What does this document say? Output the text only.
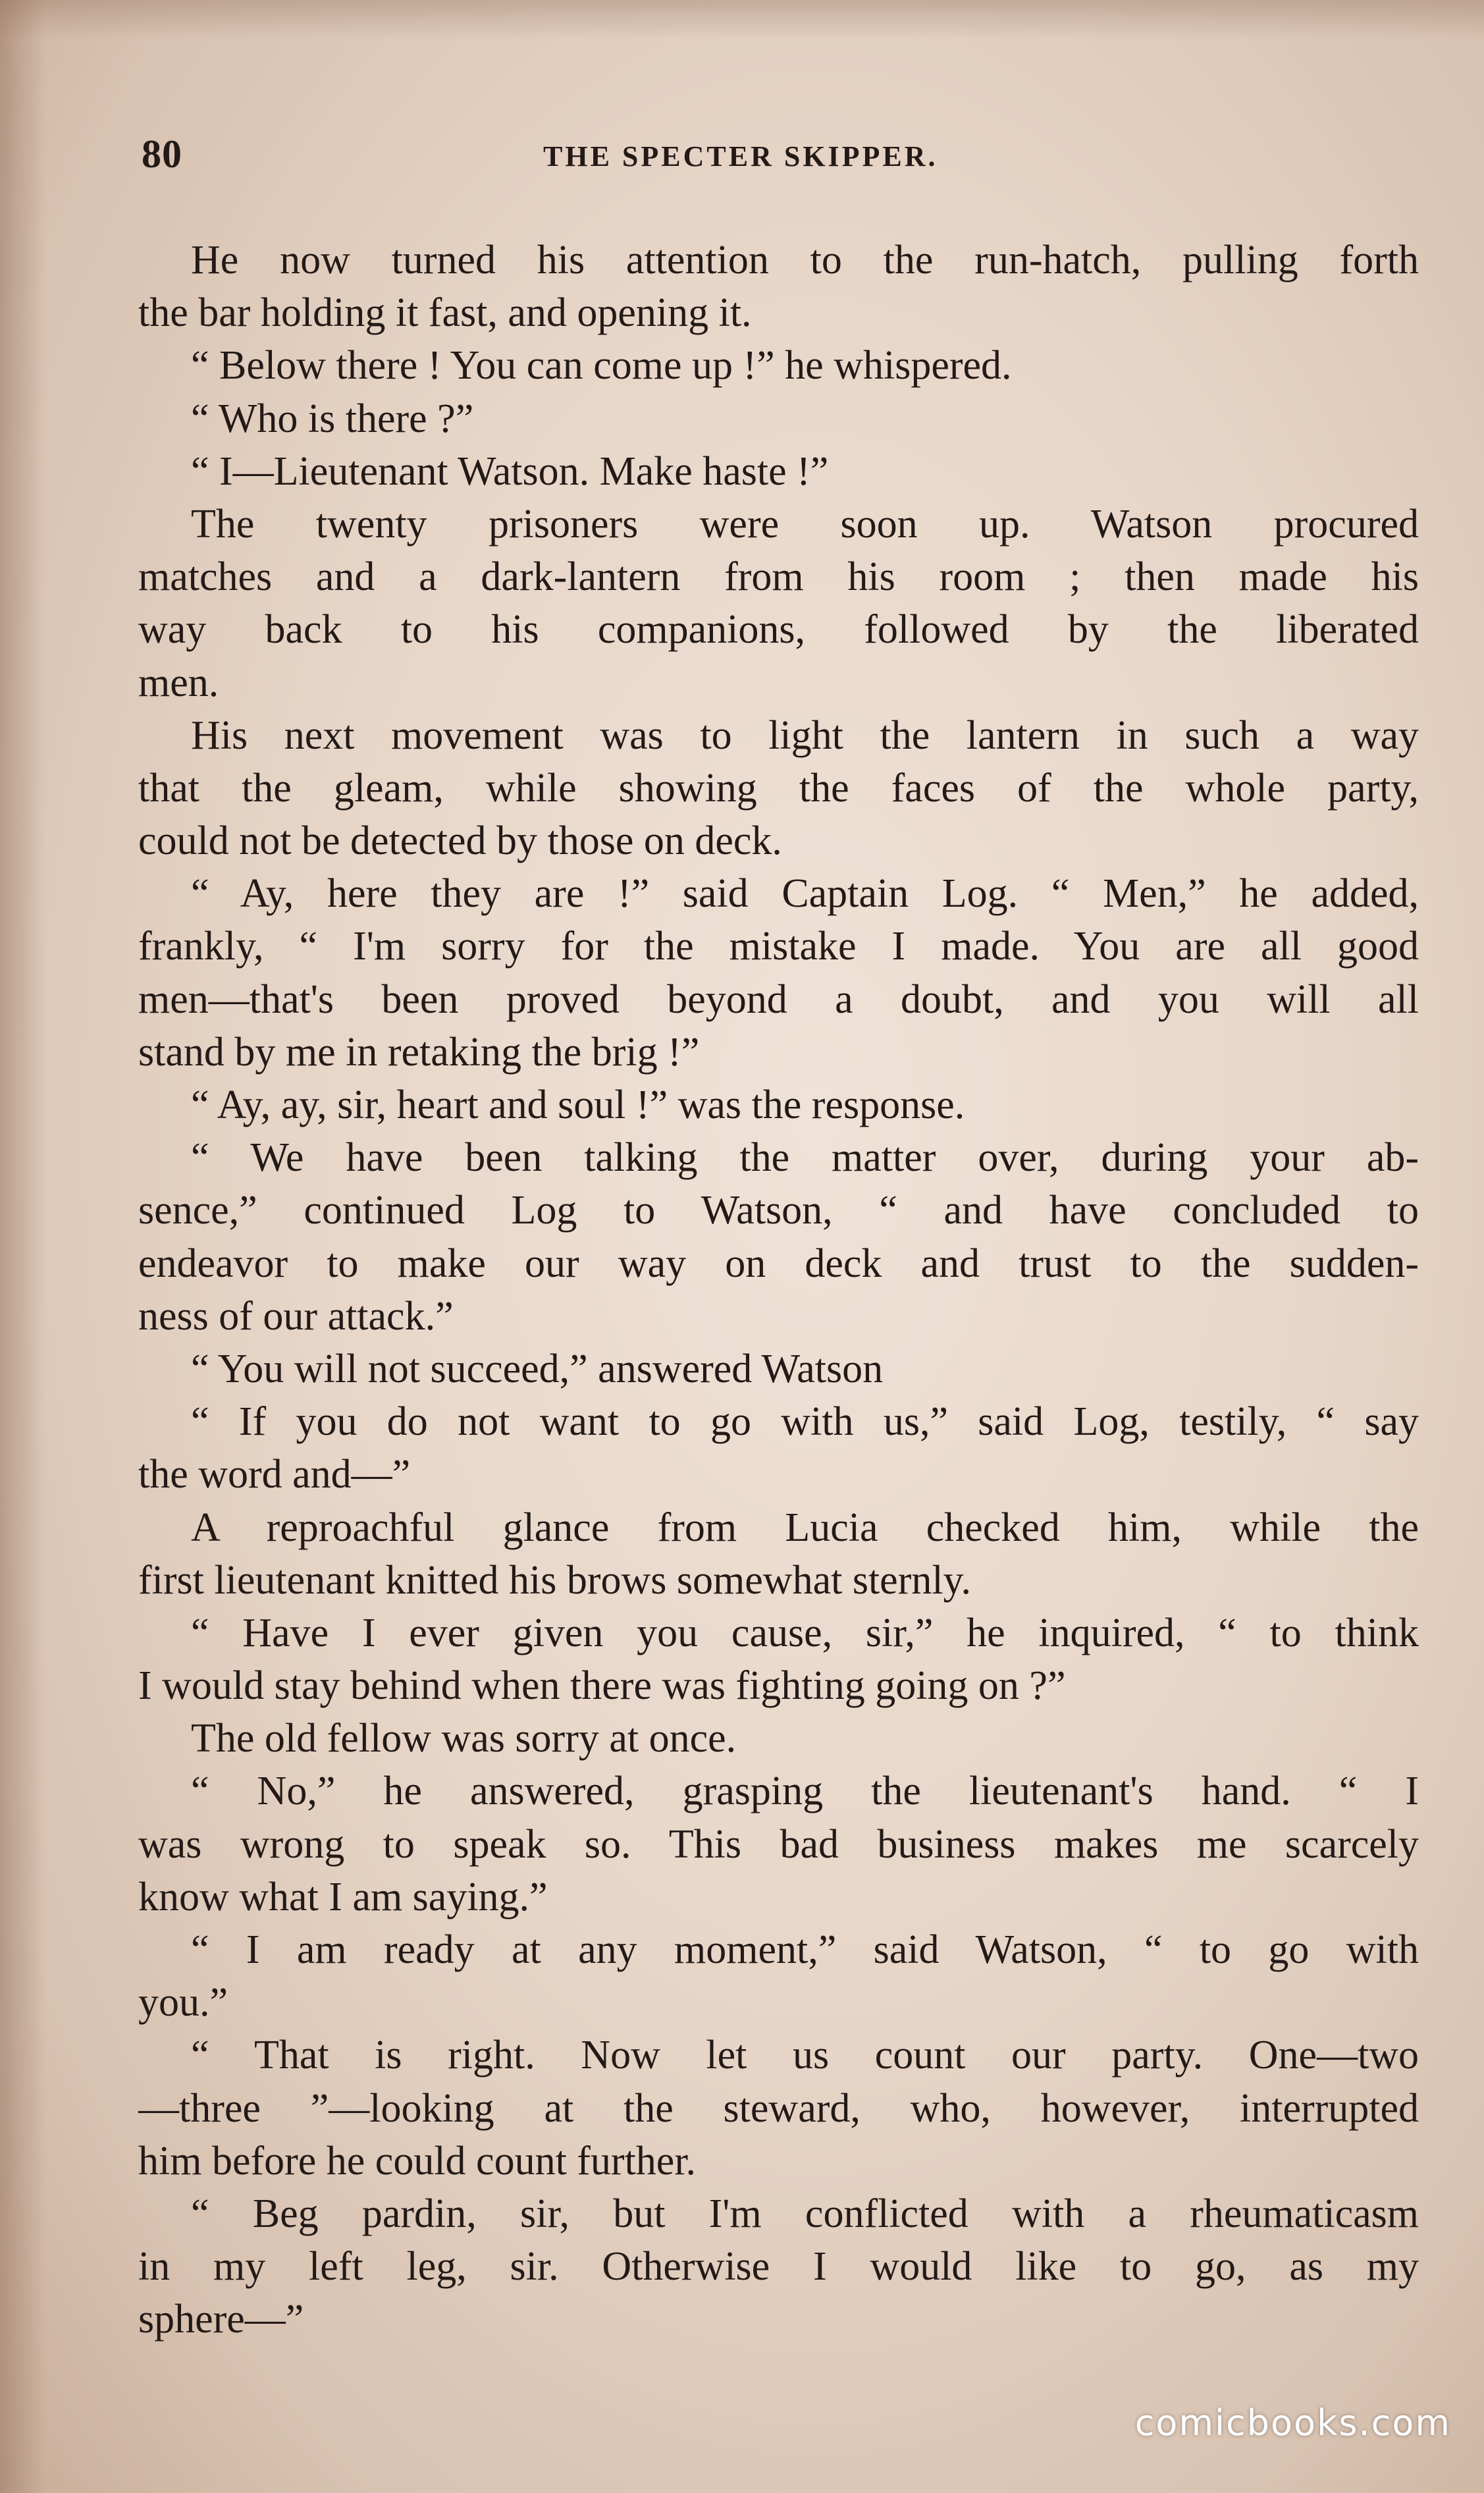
80	THE SPECTER SKIPPER.
He now turned his attention to the run-hatch, pulling forth
the bar holding it fast, and opening it.
“ Below there ! You can come up !” he whispered.
“ Who is there ?”
“ I—Lieutenant Watson. Make haste !”
The twenty prisoners were soon up. Watson procured
matches and a dark-lantern from his room ; then made his
way back to his companions, followed by the liberated
men.
His next movement was to light the lantern in such a way
that the gleam, while showing the faces of the whole party,
could not be detected by those on deck.
“ Ay, here they are !” said Captain Log. “ Men,” he added,
frankly, “ I'm sorry for the mistake I made. You are all good
men—that's been proved beyond a doubt, and you will all
stand by me in retaking the brig !”
“ Ay, ay, sir, heart and soul !” was the response.
“ We have been talking the matter over, during your ab-
sence,” continued Log to Watson, “ and have concluded to
endeavor to make our way on deck and trust to the sudden-
ness of our attack.”
“ You will not succeed,” answered Watson
“ If you do not want to go with us,” said Log, testily, “ say
the word and—”
A reproachful glance from Lucia checked him, while the
first lieutenant knitted his brows somewhat sternly.
“ Have I ever given you cause, sir,” he inquired, “ to think
I would stay behind when there was fighting going on ?”
The old fellow was sorry at once.
“ No,” he answered, grasping the lieutenant's hand. “ I
was wrong to speak so. This bad business makes me scarcely
know what I am saying.”
“ I am ready at any moment,” said Watson, “ to go with
you.”
“ That is right. Now let us count our party. One—two
—three ”—looking at the steward, who, however, interrupted
him before he could count further.
“ Beg pardin, sir, but I'm conflicted with a rheumaticasm
in my left leg, sir. Otherwise I would like to go, as my
sphere—”
comicbooks.com
